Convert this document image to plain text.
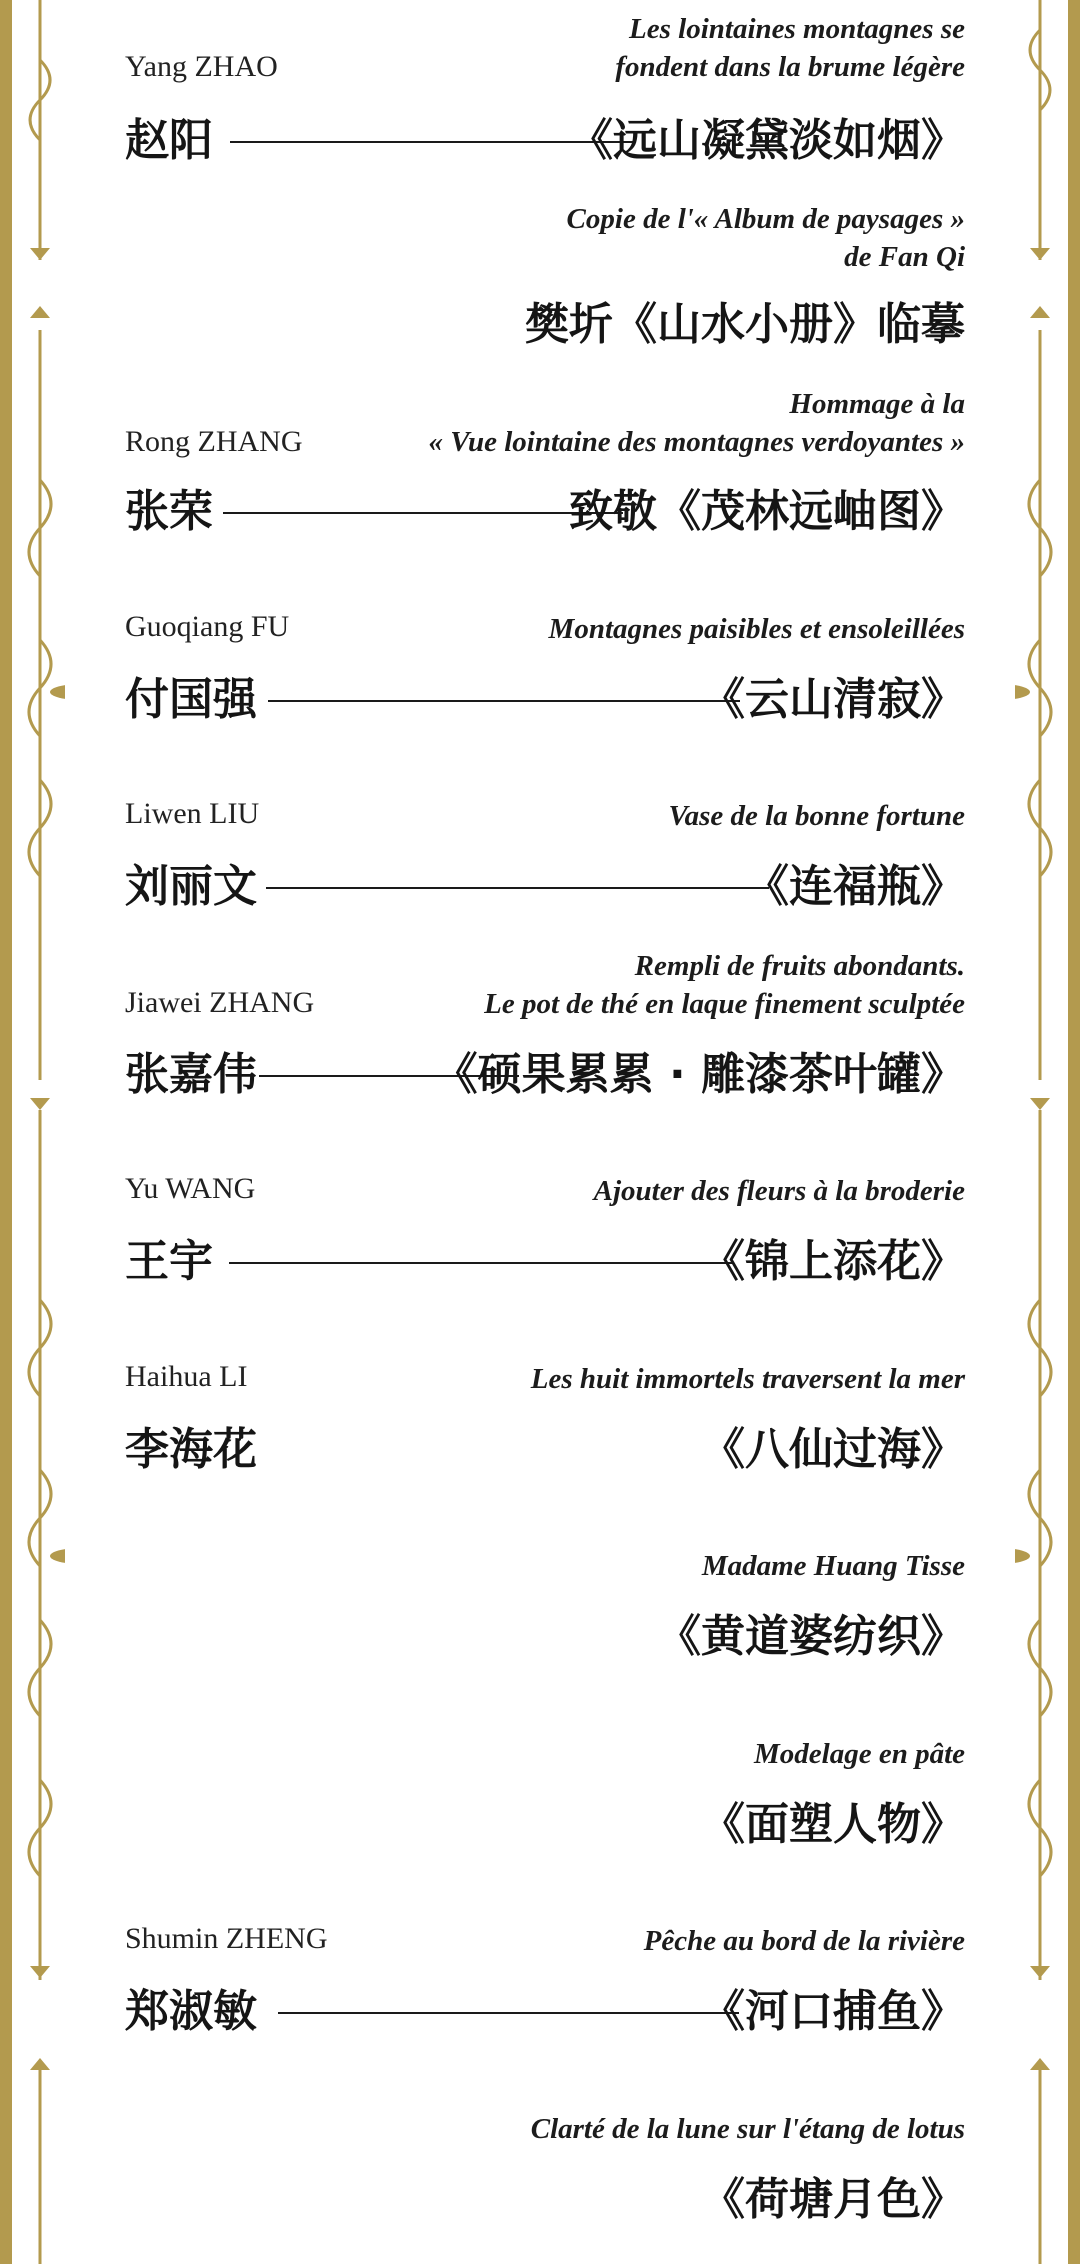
Les lointaines montagnes se
fondent dans la brume légère
Yang ZHAO
赵阳	《远山凝黛淡如烟》
Copie de l'« Album de paysages »
de Fan Qi
樊圻《山水小册》临摹
Hommage à la
« Vue lointaine des montagnes verdoyantes »
Rong ZHANG
张荣	致敬《茂林远岫图》
Montagnes paisibles et ensoleillées
Guoqiang FU
付国强	《云山清寂》
Vase de la bonne fortune
Liwen LIU
刘丽文	《连福瓶》
Rempli de fruits abondants.
Le pot de thé en laque finement sculptée
Jiawei ZHANG
张嘉伟	《硕果累累 · 雕漆茶叶罐》
Ajouter des fleurs à la broderie
Yu WANG
王宇	《锦上添花》
Les huit immortels traversent la mer
Haihua LI
李海花	《八仙过海》
Madame Huang Tisse
《黄道婆纺织》
Modelage en pâte
《面塑人物》
Pêche au bord de la rivière
Shumin ZHENG
郑淑敏	《河口捕鱼》
Clarté de la lune sur l'étang de lotus
《荷塘月色》
